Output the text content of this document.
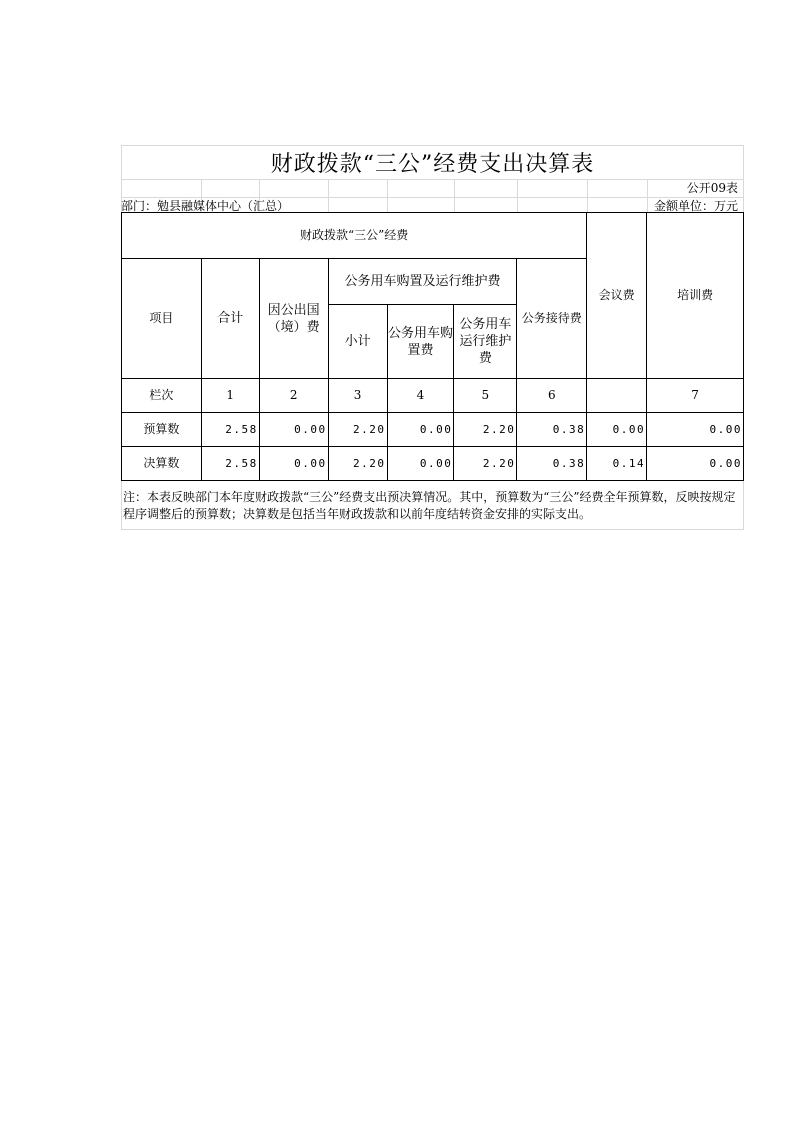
财政拨款“三公”经费支出决算表
公开09表
部门：勉县融媒体中心（汇总）	金额单位：万元
财政拨款“三公”经费							会议费	培训费
项目	合计	因公出国（境）费	公务用车购置及运行维护费			公务接待费		
			小计	公务用车购置费	公务用车运行维护费			
栏次	1	2	3	4	5	6		7
预算数	2.58	0.00	2.20	0.00	2.20	0.38	0.00	0.00
决算数	2.58	0.00	2.20	0.00	2.20	0.38	0.14	0.00
注：本表反映部门本年度财政拨款“三公”经费支出预决算情况。其中，预算数为“三公”经费全年预算数，反映按规定程序调整后的预算数；决算数是包括当年财政拨款和以前年度结转资金安排的实际支出。
